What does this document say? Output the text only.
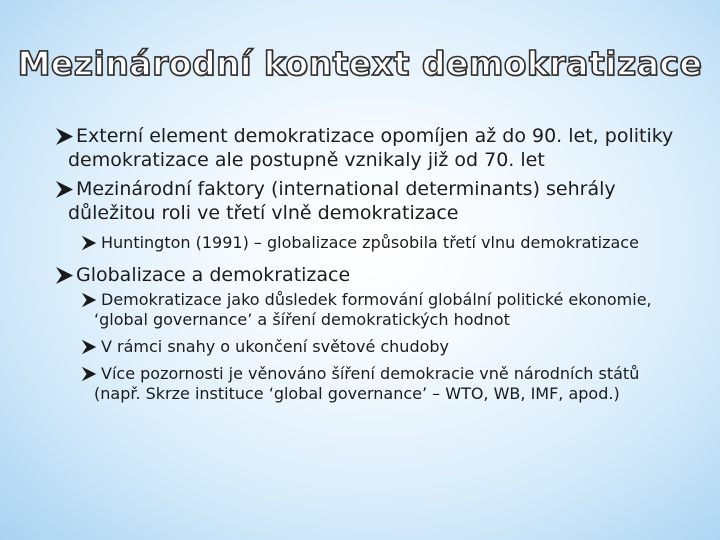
Mezinárodní kontext demokratizace
Externí element demokratizace opomíjen až do 90. let, politiky demokratizace ale postupně vznikaly již od 70. let
Mezinárodní faktory (international determinants) sehrály důležitou roli ve třetí vlně demokratizace
Huntington (1991) – globalizace způsobila třetí vlnu demokratizace
Globalizace a demokratizace
Demokratizace jako důsledek formování globální politické ekonomie, ‘global governance’ a šíření demokratických hodnot
V rámci snahy o ukončení světové chudoby
Více pozornosti je věnováno šíření demokracie vně národních států (např. Skrze instituce ‘global governance’ – WTO, WB, IMF, apod.)
